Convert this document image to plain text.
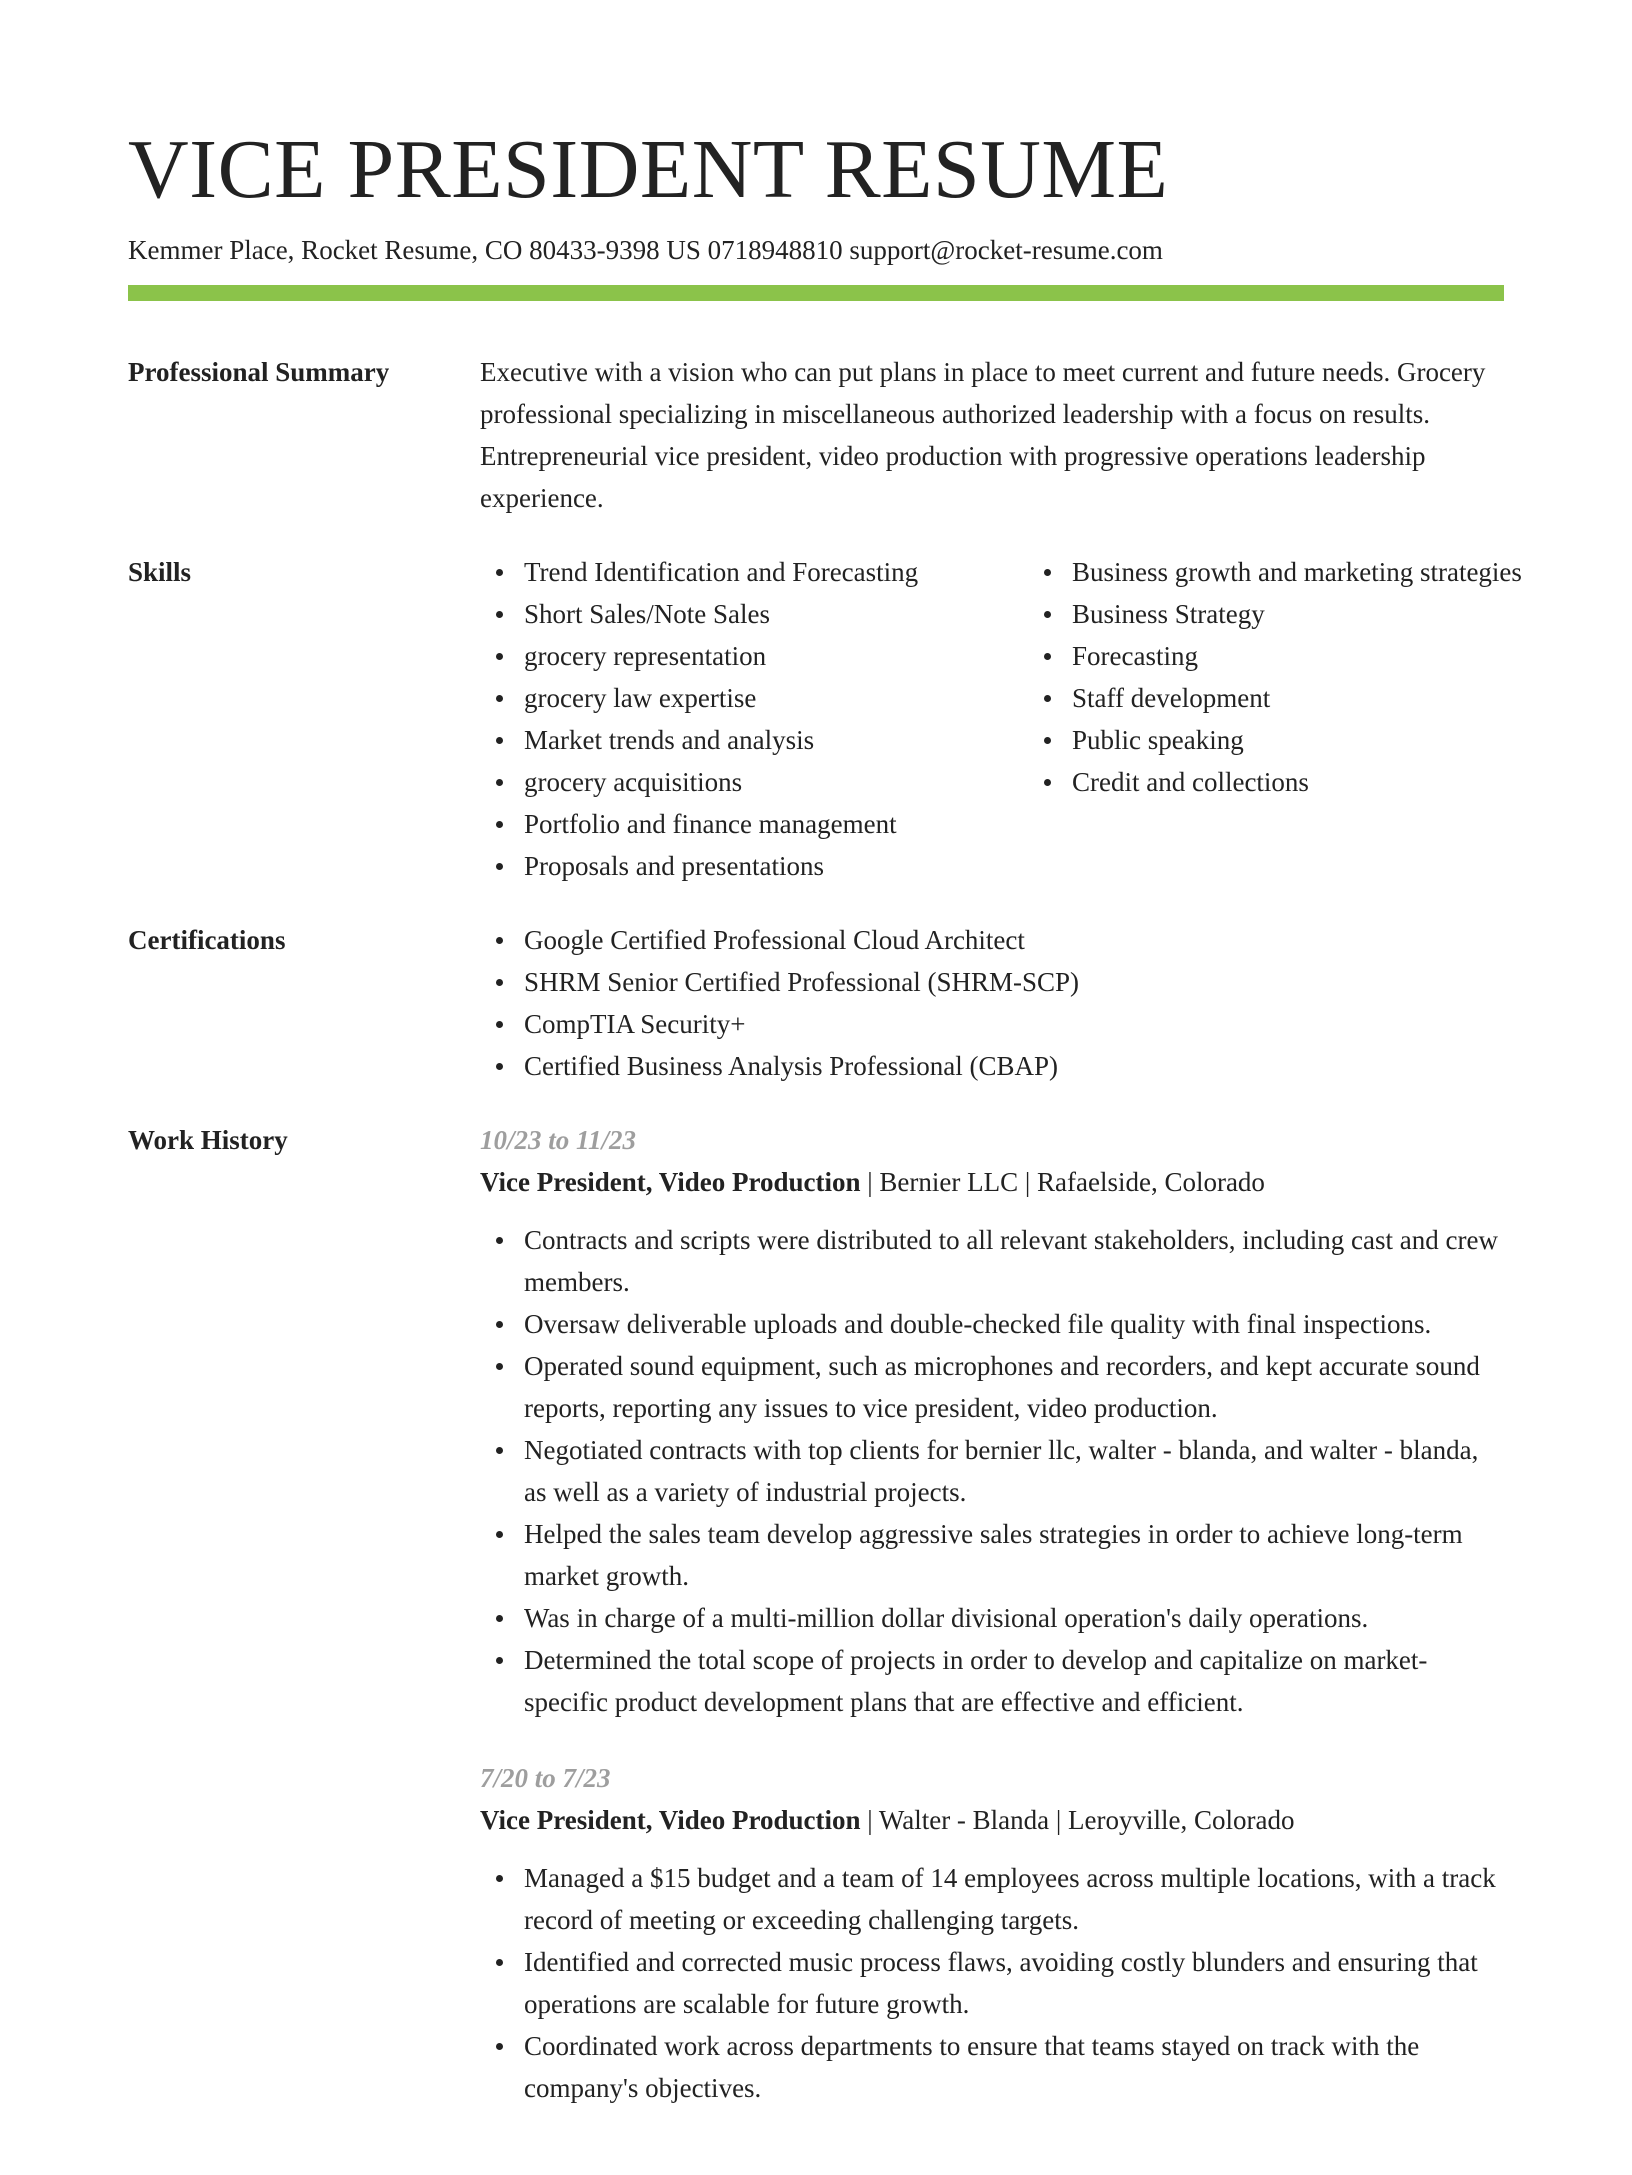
VICE PRESIDENT RESUME
Kemmer Place, Rocket Resume, CO 80433-9398 US 0718948810 support@rocket-resume.com
Professional Summary	Executive with a vision who can put plans in place to meet current and future needs. Grocery professional specializing in miscellaneous authorized leadership with a focus on results. Entrepreneurial vice president, video production with progressive operations leadership experience.

Skills	Trend Identification and Forecasting
Short Sales/Note Sales
grocery representation
grocery law expertise
Market trends and analysis
grocery acquisitions
Portfolio and finance management
Proposals and presentations
Business growth and marketing strategies
Business Strategy
Forecasting
Staff development
Public speaking
Credit and collections
Certifications	Google Certified Professional Cloud Architect
SHRM Senior Certified Professional (SHRM-SCP)
CompTIA Security+
Certified Business Analysis Professional (CBAP)
Work History	10/23 to 11/23
Vice President, Video Production | Bernier LLC | Rafaelside, Colorado
Contracts and scripts were distributed to all relevant stakeholders, including cast and crew members.
Oversaw deliverable uploads and double-checked file quality with final inspections.
Operated sound equipment, such as microphones and recorders, and kept accurate sound reports, reporting any issues to vice president, video production.
Negotiated contracts with top clients for bernier llc, walter - blanda, and walter - blanda, as well as a variety of industrial projects.
Helped the sales team develop aggressive sales strategies in order to achieve long-term market growth.
Was in charge of a multi-million dollar divisional operation's daily operations.
Determined the total scope of projects in order to develop and capitalize on market-specific product development plans that are effective and efficient.
7/20 to 7/23
Vice President, Video Production | Walter - Blanda | Leroyville, Colorado
Managed a $15 budget and a team of 14 employees across multiple locations, with a track record of meeting or exceeding challenging targets.
Identified and corrected music process flaws, avoiding costly blunders and ensuring that operations are scalable for future growth.
Coordinated work across departments to ensure that teams stayed on track with the company's objectives.
